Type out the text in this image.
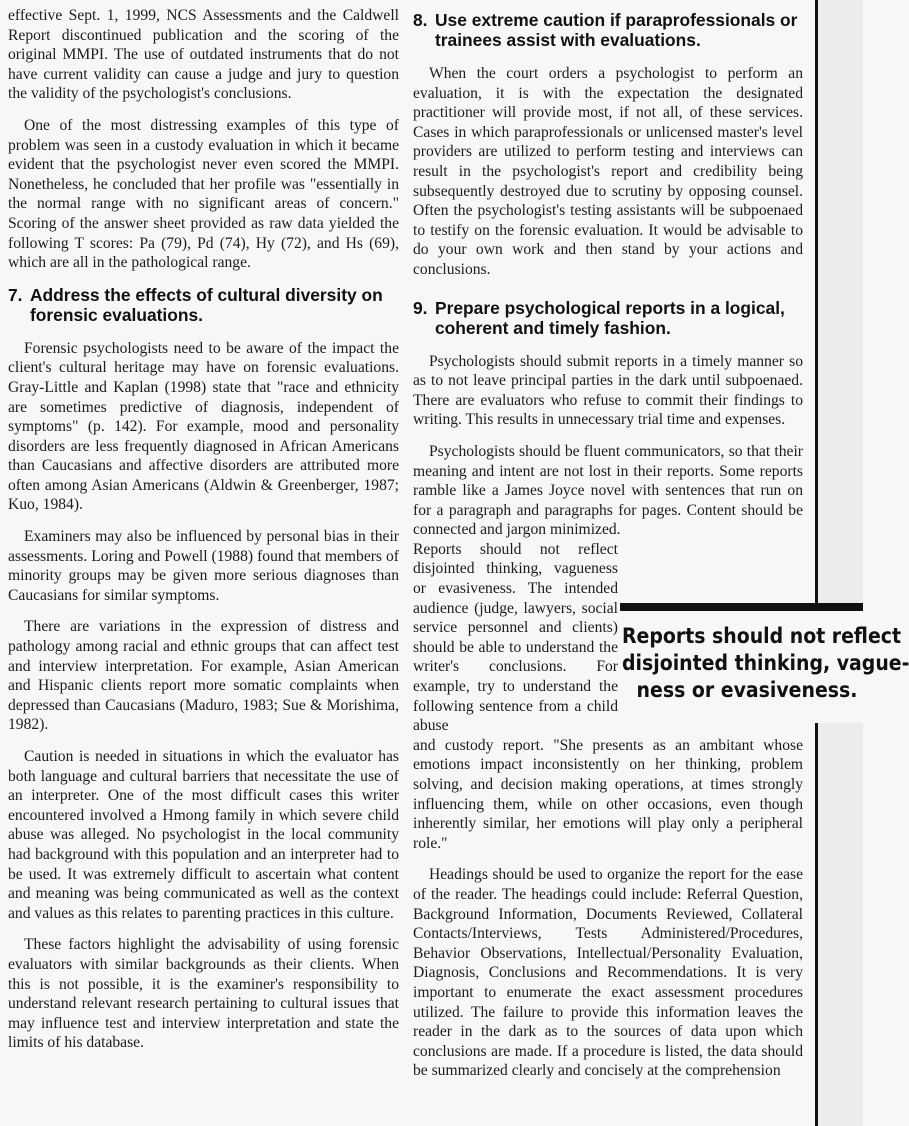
effective Sept. 1, 1999, NCS Assessments and the Caldwell Report discontinued publication and the scoring of the original MMPI. The use of outdated instruments that do not have current validity can cause a judge and jury to question the validity of the psychologist's conclusions.

One of the most distressing examples of this type of problem was seen in a custody evaluation in which it became evident that the psychologist never even scored the MMPI. Nonetheless, he concluded that her profile was "essentially in the normal range with no significant areas of concern." Scoring of the answer sheet provided as raw data yielded the following T scores: Pa (79), Pd (74), Hy (72), and Hs (69), which are all in the pathological range.

7. Address the effects of cultural diversity on forensic evaluations.

Forensic psychologists need to be aware of the impact the client's cultural heritage may have on forensic evaluations. Gray-Little and Kaplan (1998) state that "race and ethnicity are sometimes predictive of diagnosis, independent of symptoms" (p. 142). For example, mood and personality disorders are less frequently diagnosed in African Americans than Caucasians and affective disorders are attributed more often among Asian Americans (Aldwin & Greenberger, 1987; Kuo, 1984).

Examiners may also be influenced by personal bias in their assessments. Loring and Powell (1988) found that members of minority groups may be given more serious diagnoses than Caucasians for similar symptoms.

There are variations in the expression of distress and pathology among racial and ethnic groups that can affect test and interview interpretation. For example, Asian American and Hispanic clients report more somatic complaints when depressed than Caucasians (Maduro, 1983; Sue & Morishima, 1982).

Caution is needed in situations in which the evaluator has both language and cultural barriers that necessitate the use of an interpreter. One of the most difficult cases this writer encountered involved a Hmong family in which severe child abuse was alleged. No psychologist in the local community had background with this population and an interpreter had to be used. It was extremely difficult to ascertain what content and meaning was being communicated as well as the context and values as this relates to parenting practices in this culture.

These factors highlight the advisability of using forensic evaluators with similar backgrounds as their clients. When this is not possible, it is the examiner's responsibility to understand relevant research pertaining to cultural issues that may influence test and interview interpretation and state the limits of his database.

8. Use extreme caution if paraprofessionals or trainees assist with evaluations.

When the court orders a psychologist to perform an evaluation, it is with the expectation the designated practitioner will provide most, if not all, of these services. Cases in which paraprofessionals or unlicensed master's level providers are utilized to perform testing and interviews can result in the psychologist's report and credibility being subsequently destroyed due to scrutiny by opposing counsel. Often the psychologist's testing assistants will be subpoenaed to testify on the forensic evaluation. It would be advisable to do your own work and then stand by your actions and conclusions.

9. Prepare psychological reports in a logical, coherent and timely fashion.

Psychologists should submit reports in a timely manner so as to not leave principal parties in the dark until subpoenaed. There are evaluators who refuse to commit their findings to writing. This results in unnecessary trial time and expenses.

Psychologists should be fluent communicators, so that their meaning and intent are not lost in their reports. Some reports ramble like a James Joyce novel with sentences that run on for a paragraph and paragraphs for pages. Content should be connected and jargon minimized.

Reports should not reflect disjointed thinking, vagueness or evasiveness. The intended audience (judge, lawyers, social service personnel and clients) should be able to understand the writer's conclusions. For example, try to understand the following sentence from a child abuse

and custody report. "She presents as an ambitant whose emotions impact inconsistently on her thinking, problem solving, and decision making operations, at times strongly influencing them, while on other occasions, even though inherently similar, her emotions will play only a peripheral role."

Headings should be used to organize the report for the ease of the reader. The headings could include: Referral Question, Background Information, Documents Reviewed, Collateral Contacts/Interviews, Tests Administered/Procedures, Behavior Observations, Intellectual/Personality Evaluation, Diagnosis, Conclusions and Recommendations. It is very important to enumerate the exact assessment procedures utilized. The failure to provide this information leaves the reader in the dark as to the sources of data upon which conclusions are made. If a procedure is listed, the data should be summarized clearly and concisely at the comprehension

Reports should not reflect
disjointed thinking, vague-
ness or evasiveness.
